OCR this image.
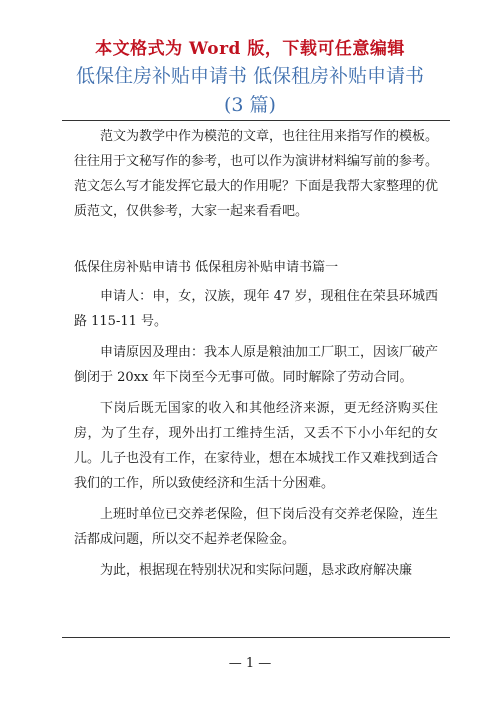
本文格式为 Word 版，下载可任意编辑
低保住房补贴申请书 低保租房补贴申请书
(3 篇)

范文为教学中作为模范的文章，也往往用来指写作的模板。往往用于文秘写作的参考，也可以作为演讲材料编写前的参考。范文怎么写才能发挥它最大的作用呢？下面是我帮大家整理的优质范文，仅供参考，大家一起来看看吧。

低保住房补贴申请书 低保租房补贴申请书篇一

申请人：申，女，汉族，现年 47 岁，现租住在荣县环城西路 115-11 号。

申请原因及理由：我本人原是粮油加工厂职工，因该厂破产倒闭于 20xx 年下岗至今无事可做。同时解除了劳动合同。

下岗后既无国家的收入和其他经济来源，更无经济购买住房，为了生存，现外出打工维持生活，又丢不下小小年纪的女儿。儿子也没有工作，在家待业，想在本城找工作又难找到适合我们的工作，所以致使经济和生活十分困难。

上班时单位已交养老保险，但下岗后没有交养老保险，连生活都成问题，所以交不起养老保险金。

为此，根据现在特别状况和实际问题，恳求政府解决廉

— 1 —
